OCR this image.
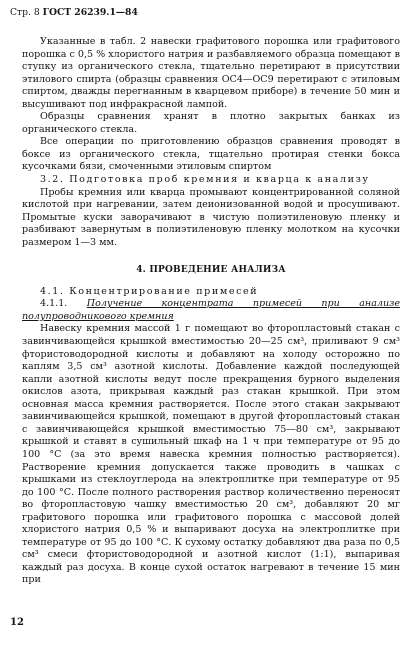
Стр. 8 ГОСТ 26239.1—84

Указанные в табл. 2 навески графитового порошка или графитового порошка с 0,5 % хлористого натрия и разбавляемого образца помещают в ступку из органического стекла, тщательно перетирают в присутствии этилового спирта (образцы сравнения ОС4—ОС9 перетирают с этиловым спиртом, дважды перегнанным в кварцевом приборе) в течение 50 мин и высушивают под инфракрасной лампой.

Образцы сравнения хранят в плотно закрытых банках из органического стекла.

Все операции по приготовлению образцов сравнения проводят в боксе из органического стекла, тщательно протирая стенки бокса кусочками бязи, смоченными этиловым спиртом

3.2. Подготовка проб кремния и кварца к анализу

Пробы кремния или кварца промывают концентрированной соляной кислотой при нагревании, затем деионизованной водой и просушивают. Промытые куски заворачивают в чистую полиэтиленовую пленку и разбивают завернутым в полиэтиленовую пленку молотком на кусочки размером 1—3 мм.

4. ПРОВЕДЕНИЕ АНАЛИЗА

4.1. Концентрирование примесей

4.1.1. Получение концентрата примесей при анализе полупроводникового кремния

Навеску кремния массой 1 г помещают во фторопластовый стакан с завинчивающейся крышкой вместимостью 20—25 см³, приливают 9 см³ фтористоводородной кислоты и добавляют на холоду осторожно по каплям 3,5 см³ азотной кислоты. Добавление каждой последующей капли азотной кислоты ведут после прекращения бурного выделения окислов азота, прикрывая каждый раз стакан крышкой. При этом основная масса кремния растворяется. После этого стакан закрывают завинчивающейся крышкой, помещают в другой фторопластовый стакан с завинчивающейся крышкой вместимостью 75—80 см³, закрывают крышкой и ставят в сушильный шкаф на 1 ч при температуре от 95 до 100 °С (за это время навеска кремния полностью растворяется). Растворение кремния допускается также проводить в чашках с крышками из стеклоуглерода на электроплитке при температуре от 95 до 100 °С. После полного растворения раствор количественно переносят во фторопластовую чашку вместимостью 20 см³, добавляют 20 мг графитового порошка или графитового порошка с массовой долей хлористого натрия 0,5 % и выпаривают досуха на электроплитке при температуре от 95 до 100 °С. К сухому остатку добавляют два раза по 0,5 см³ смеси фтористоводородной и азотной кислот (1:1), выпаривая каждый раз досуха. В конце сухой остаток нагревают в течение 15 мин при

12
